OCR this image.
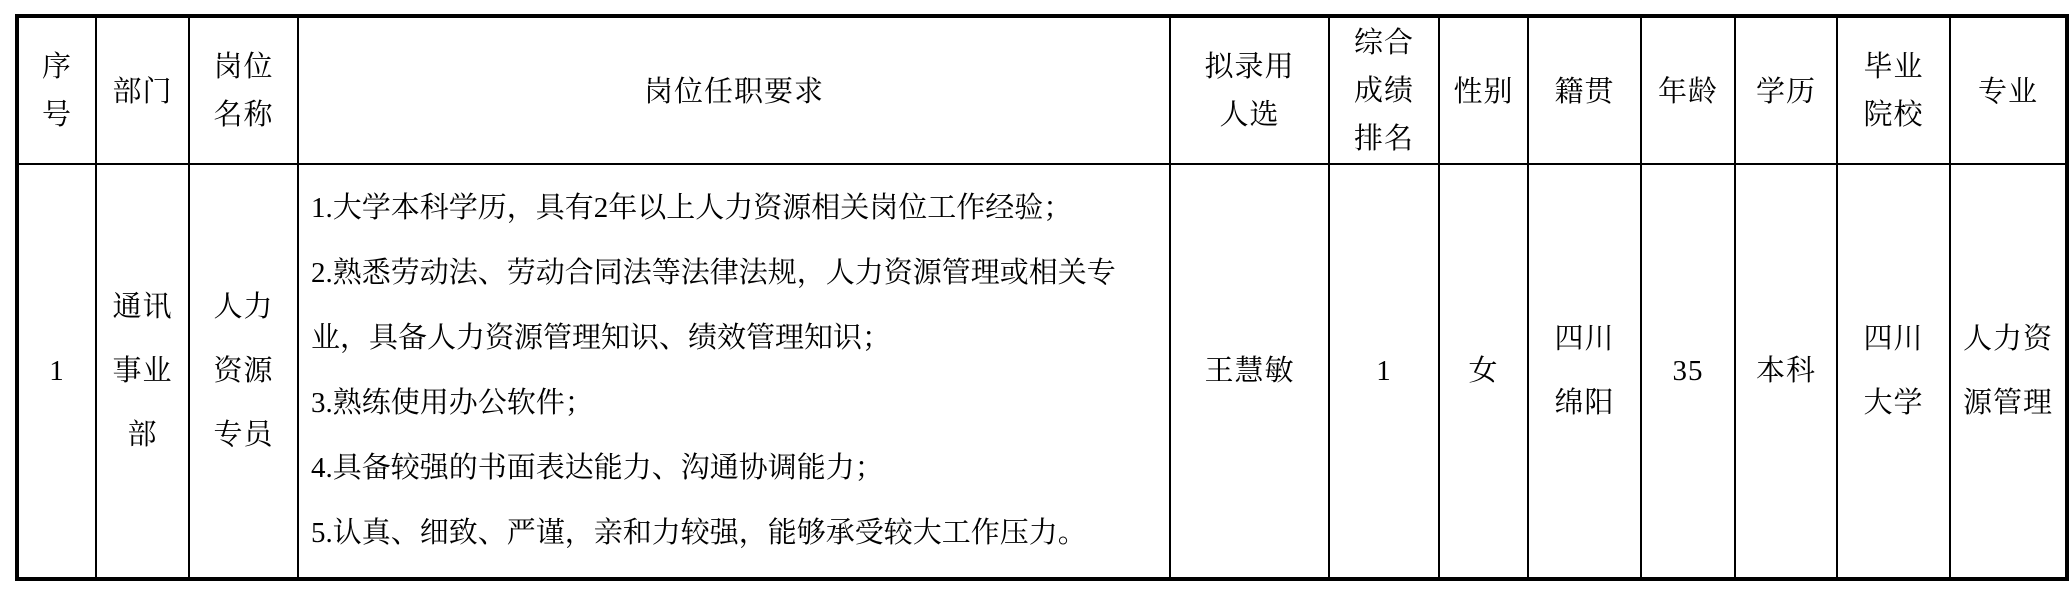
序号	部门	岗位名称	岗位任职要求	拟录用人选	综合成绩排名	性别	籍贯	年龄	学历	毕业院校	专业
1	通讯事业部	人力资源专员	1.大学本科学历，具有2年以上人力资源相关岗位工作经验；
2.熟悉劳动法、劳动合同法等法律法规，人力资源管理或相关专业，具备人力资源管理知识、绩效管理知识；
3.熟练使用办公软件；
4.具备较强的书面表达能力、沟通协调能力；
5.认真、细致、严谨，亲和力较强，能够承受较大工作压力。	王慧敏	1	女	四川绵阳	35	本科	四川大学	人力资源管理
